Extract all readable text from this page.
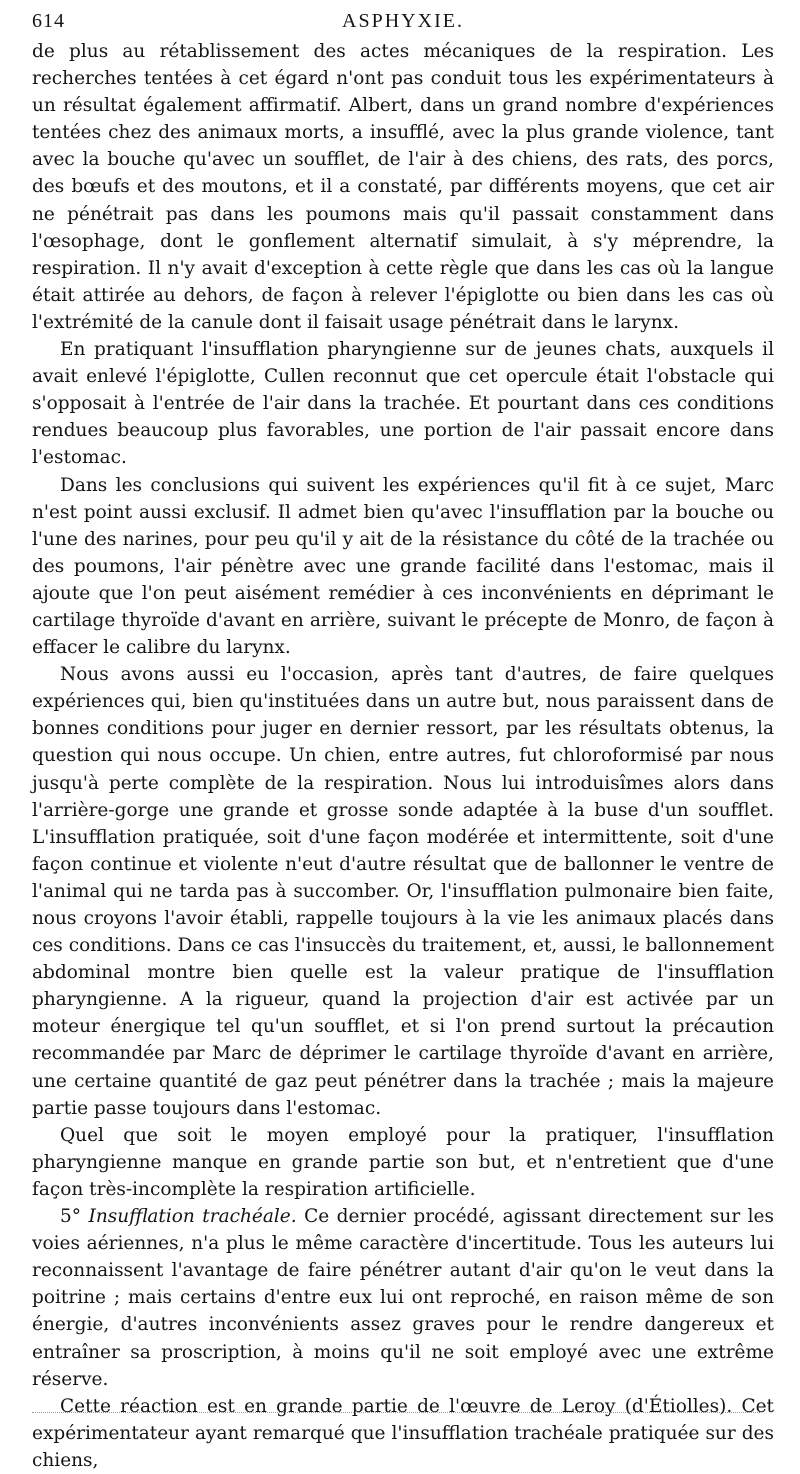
614	ASPHYXIE.

de plus au rétablissement des actes mécaniques de la respiration. Les recherches tentées à cet égard n'ont pas conduit tous les expérimentateurs à un résultat également affirmatif. Albert, dans un grand nombre d'expériences tentées chez des animaux morts, a insufflé, avec la plus grande violence, tant avec la bouche qu'avec un soufflet, de l'air à des chiens, des rats, des porcs, des bœufs et des moutons, et il a constaté, par différents moyens, que cet air ne pénétrait pas dans les poumons mais qu'il passait constamment dans l'œsophage, dont le gonflement alternatif simulait, à s'y méprendre, la respiration. Il n'y avait d'exception à cette règle que dans les cas où la langue était attirée au dehors, de façon à relever l'épiglotte ou bien dans les cas où l'extrémité de la canule dont il faisait usage pénétrait dans le larynx.

En pratiquant l'insufflation pharyngienne sur de jeunes chats, auxquels il avait enlevé l'épiglotte, Cullen reconnut que cet opercule était l'obstacle qui s'opposait à l'entrée de l'air dans la trachée. Et pourtant dans ces conditions rendues beaucoup plus favorables, une portion de l'air passait encore dans l'estomac.

Dans les conclusions qui suivent les expériences qu'il fit à ce sujet, Marc n'est point aussi exclusif. Il admet bien qu'avec l'insufflation par la bouche ou l'une des narines, pour peu qu'il y ait de la résistance du côté de la trachée ou des poumons, l'air pénètre avec une grande facilité dans l'estomac, mais il ajoute que l'on peut aisément remédier à ces inconvénients en déprimant le cartilage thyroïde d'avant en arrière, suivant le précepte de Monro, de façon à effacer le calibre du larynx.

Nous avons aussi eu l'occasion, après tant d'autres, de faire quelques expériences qui, bien qu'instituées dans un autre but, nous paraissent dans de bonnes conditions pour juger en dernier ressort, par les résultats obtenus, la question qui nous occupe. Un chien, entre autres, fut chloroformisé par nous jusqu'à perte complète de la respiration. Nous lui introduisîmes alors dans l'arrière-gorge une grande et grosse sonde adaptée à la buse d'un soufflet. L'insufflation pratiquée, soit d'une façon modérée et intermittente, soit d'une façon continue et violente n'eut d'autre résultat que de ballonner le ventre de l'animal qui ne tarda pas à succomber. Or, l'insufflation pulmonaire bien faite, nous croyons l'avoir établi, rappelle toujours à la vie les animaux placés dans ces conditions. Dans ce cas l'insuccès du traitement, et, aussi, le ballonnement abdominal montre bien quelle est la valeur pratique de l'insufflation pharyngienne. A la rigueur, quand la projection d'air est activée par un moteur énergique tel qu'un soufflet, et si l'on prend surtout la précaution recommandée par Marc de déprimer le cartilage thyroïde d'avant en arrière, une certaine quantité de gaz peut pénétrer dans la trachée ; mais la majeure partie passe toujours dans l'estomac.

Quel que soit le moyen employé pour la pratiquer, l'insufflation pharyngienne manque en grande partie son but, et n'entretient que d'une façon très-incomplète la respiration artificielle.

5° Insufflation trachéale. Ce dernier procédé, agissant directement sur les voies aériennes, n'a plus le même caractère d'incertitude. Tous les auteurs lui reconnaissent l'avantage de faire pénétrer autant d'air qu'on le veut dans la poitrine ; mais certains d'entre eux lui ont reproché, en raison même de son énergie, d'autres inconvénients assez graves pour le rendre dangereux et entraîner sa proscription, à moins qu'il ne soit employé avec une extrême réserve.

Cette réaction est en grande partie de l'œuvre de Leroy (d'Étiolles). Cet expérimentateur ayant remarqué que l'insufflation trachéale pratiquée sur des chiens,
